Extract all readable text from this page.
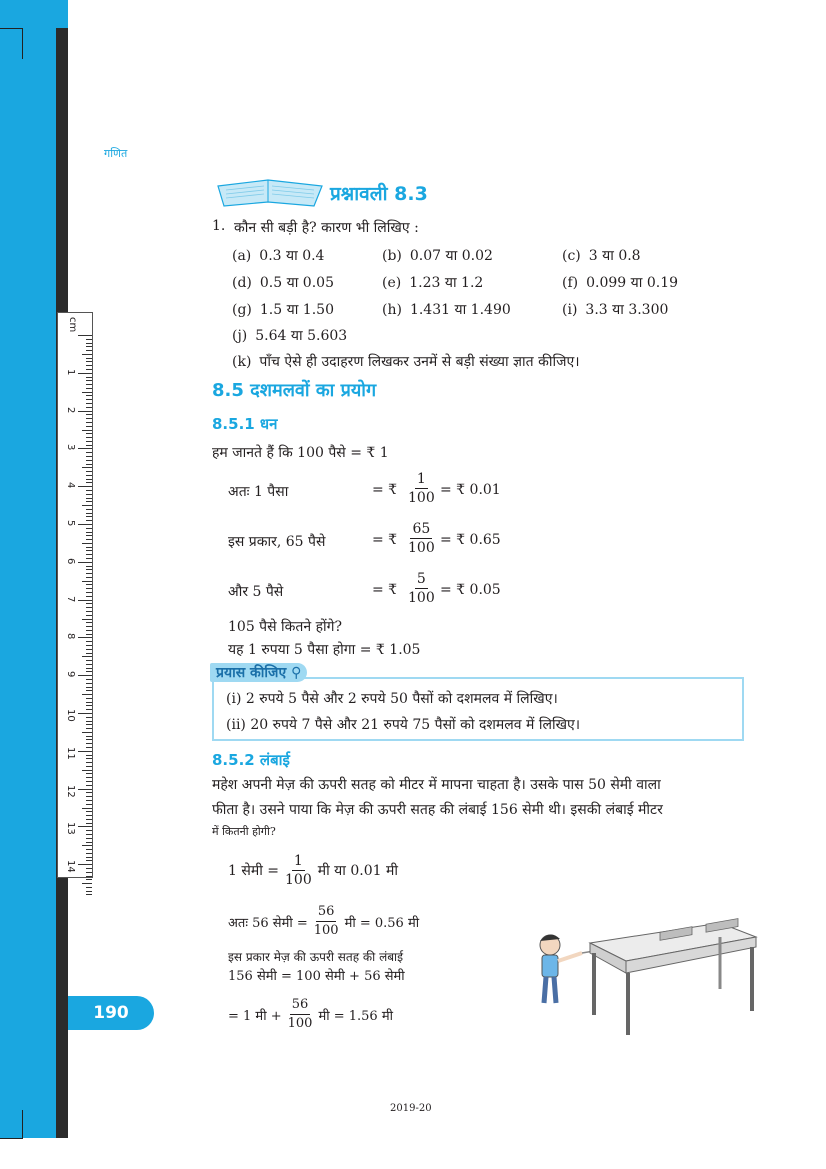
cm
1
2
3
4
5
6
7
8
9
10
11
12
13
14
गणित
प्रश्नावली 8.3
1. कौन सी बड़ी है? कारण भी लिखिए :
(a) 0.3 या 0.4	(b) 0.07 या 0.02	(c) 3 या 0.8
(d) 0.5 या 0.05	(e) 1.23 या 1.2	(f) 0.099 या 0.19
(g) 1.5 या 1.50	(h) 1.431 या 1.490	(i) 3.3 या 3.300
(j) 5.64 या 5.603
(k) पाँच ऐसे ही उदाहरण लिखकर उनमें से बड़ी संख्या ज्ञात कीजिए।
8.5 दशमलवों का प्रयोग
8.5.1 धन
हम जानते हैं कि 100 पैसे = ₹ 1
अतः 1 पैसा	= ₹ $\frac{1}{100}$ = ₹ 0.01
इस प्रकार, 65 पैसे	= ₹ $\frac{65}{100}$ = ₹ 0.65
और 5 पैसे	= ₹ $\frac{5}{100}$ = ₹ 0.05
105 पैसे कितने होंगे?
यह 1 रुपया 5 पैसा होगा = ₹ 1.05
प्रयास कीजिए ⚲
(i) 2 रुपये 5 पैसे और 2 रुपये 50 पैसों को दशमलव में लिखिए।
(ii) 20 रुपये 7 पैसे और 21 रुपये 75 पैसों को दशमलव में लिखिए।
8.5.2 लंबाई
महेश अपनी मेज़ की ऊपरी सतह को मीटर में मापना चाहता है। उसके पास 50 सेमी वाला
फीता है। उसने पाया कि मेज़ की ऊपरी सतह की लंबाई 156 सेमी थी। इसकी लंबाई मीटर
में कितनी होगी?
1 सेमी = $\frac{1}{100}$ मी या 0.01 मी
अतः 56 सेमी = $\frac{56}{100}$ मी = 0.56 मी
इस प्रकार मेज़ की ऊपरी सतह की लंबाई
156 सेमी = 100 सेमी + 56 सेमी
= 1 मी + $\frac{56}{100}$ मी = 1.56 मी
190
2019-20
